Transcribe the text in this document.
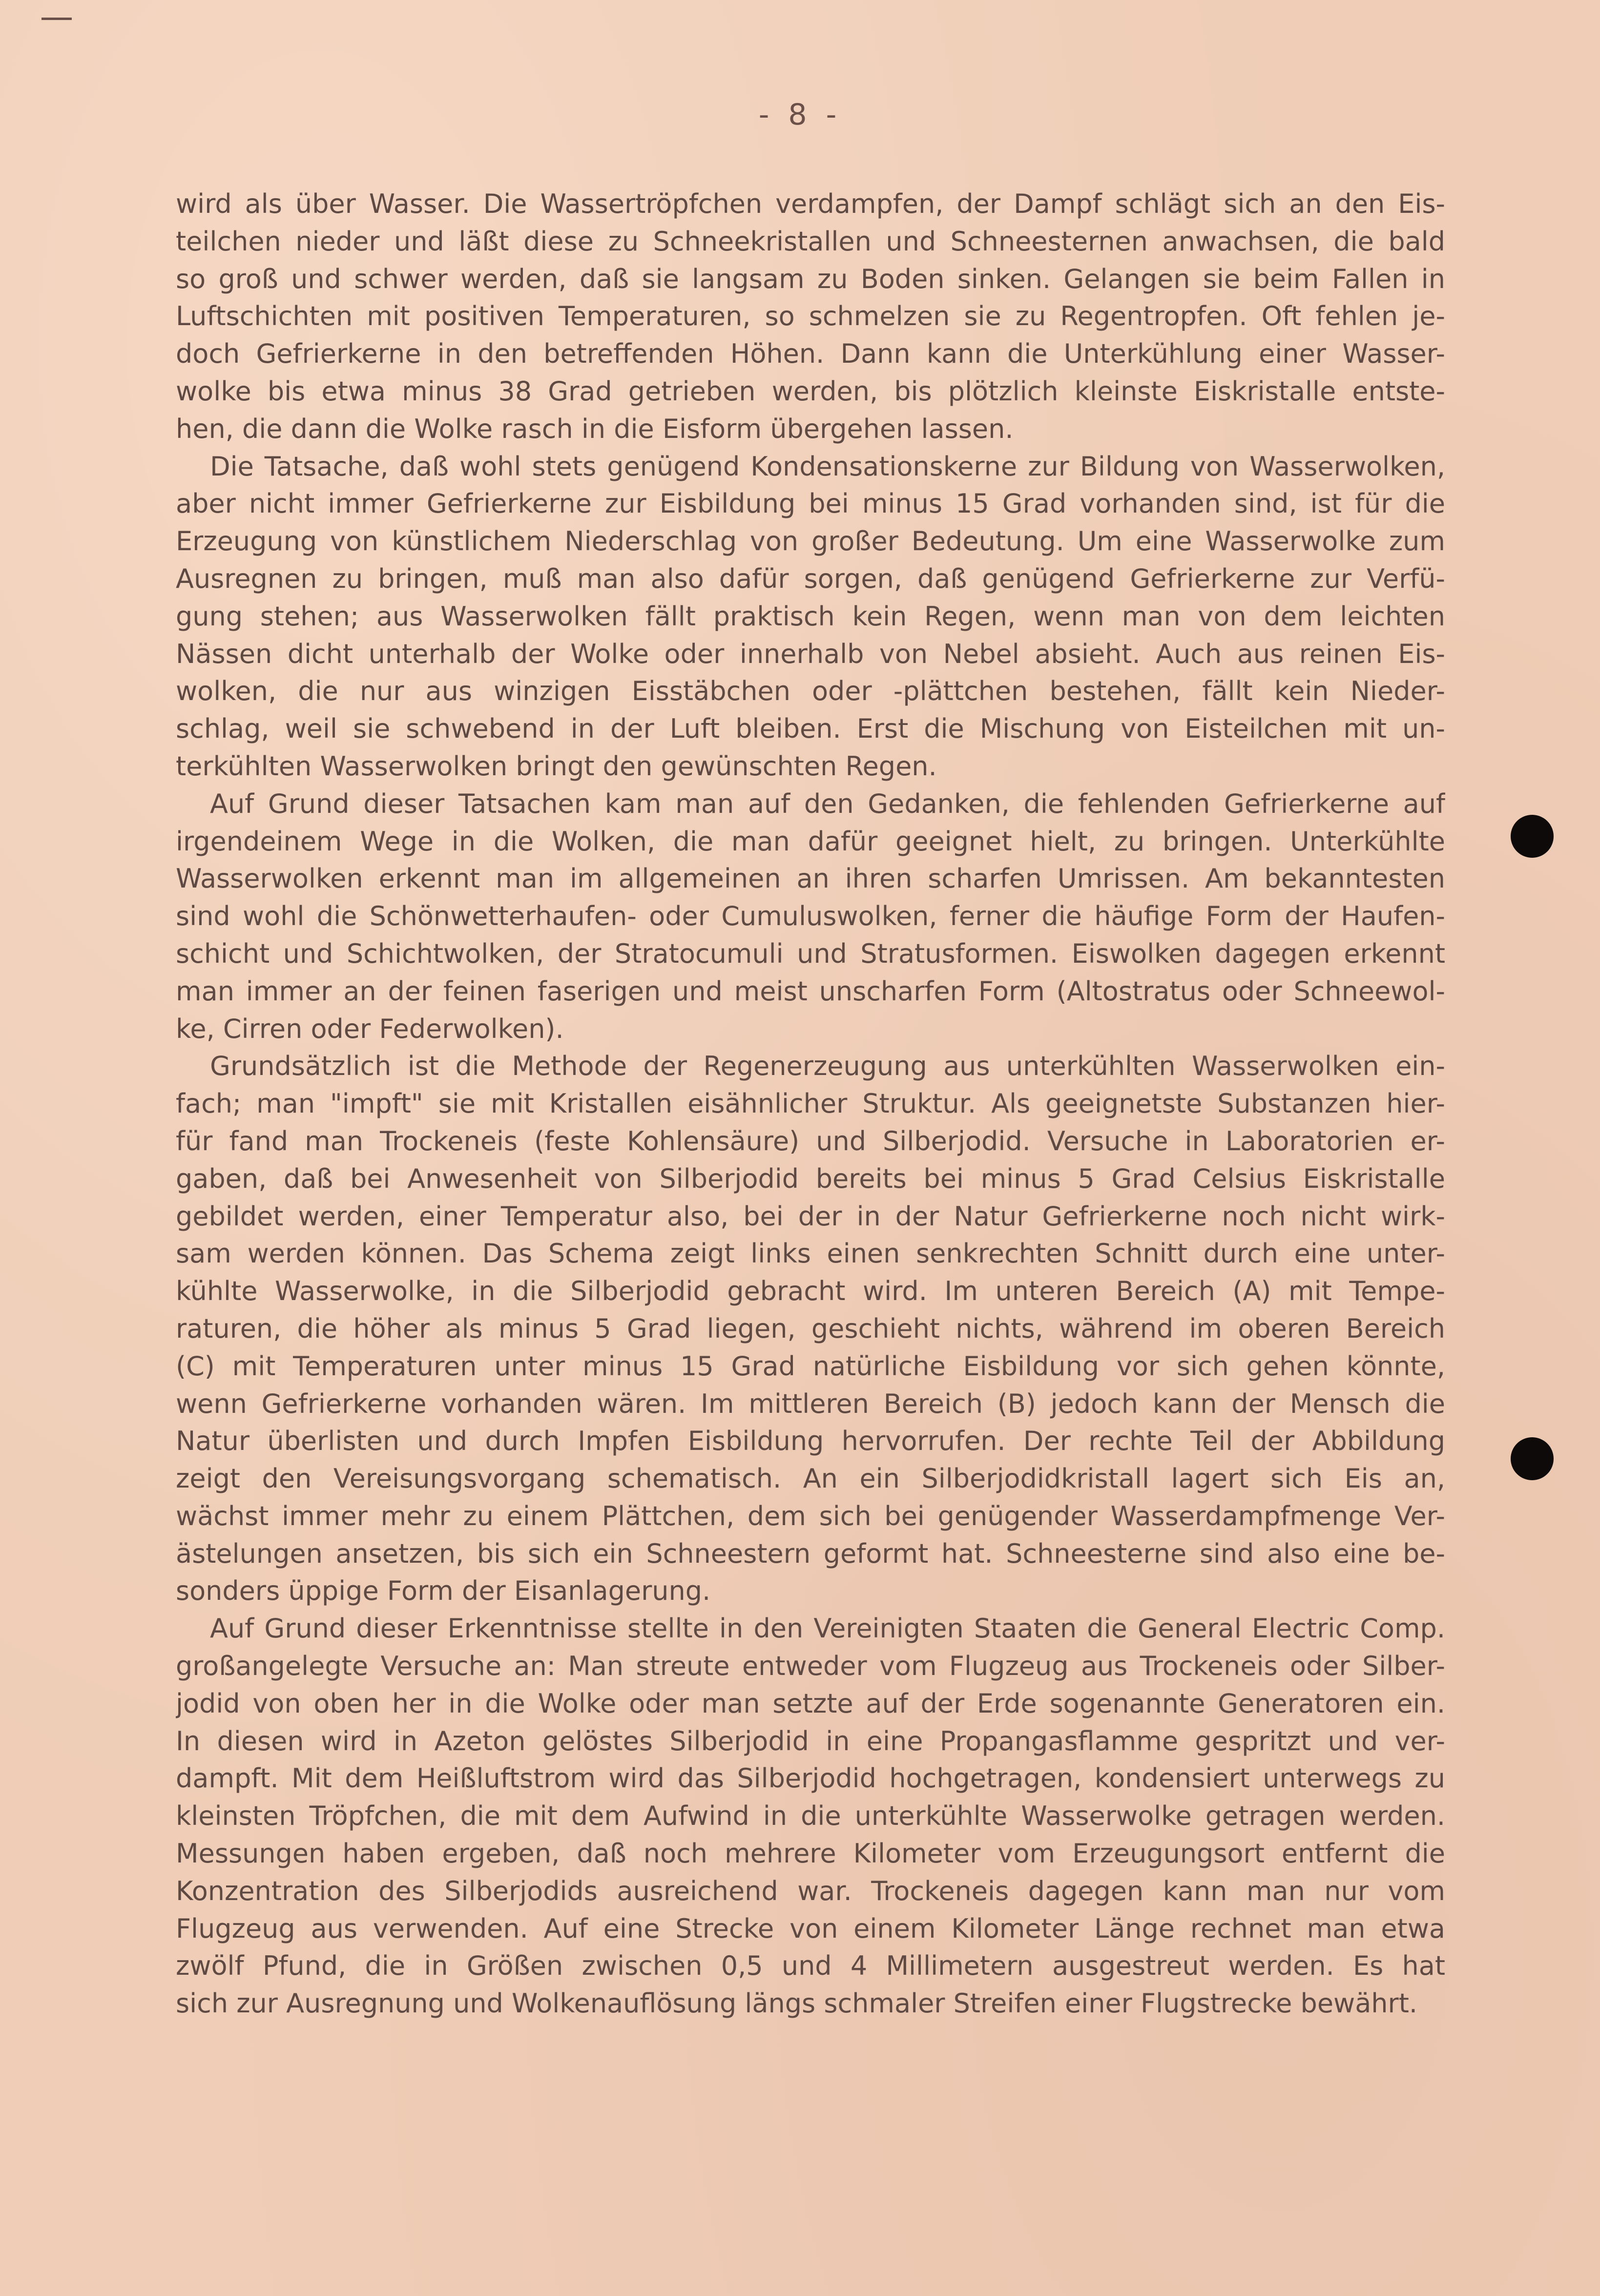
- 8 -
wird als über Wasser. Die Wassertröpfchen verdampfen, der Dampf schlägt sich an den Eis-
teilchen nieder und läßt diese zu Schneekristallen und Schneesternen anwachsen, die bald
so groß und schwer werden, daß sie langsam zu Boden sinken. Gelangen sie beim Fallen in
Luftschichten mit positiven Temperaturen, so schmelzen sie zu Regentropfen. Oft fehlen je-
doch Gefrierkerne in den betreffenden Höhen. Dann kann die Unterkühlung einer Wasser-
wolke bis etwa minus 38 Grad getrieben werden, bis plötzlich kleinste Eiskristalle entste-
hen, die dann die Wolke rasch in die Eisform übergehen lassen.
Die Tatsache, daß wohl stets genügend Kondensationskerne zur Bildung von Wasserwolken,
aber nicht immer Gefrierkerne zur Eisbildung bei minus 15 Grad vorhanden sind, ist für die
Erzeugung von künstlichem Niederschlag von großer Bedeutung. Um eine Wasserwolke zum
Ausregnen zu bringen, muß man also dafür sorgen, daß genügend Gefrierkerne zur Verfü-
gung stehen; aus Wasserwolken fällt praktisch kein Regen, wenn man von dem leichten
Nässen dicht unterhalb der Wolke oder innerhalb von Nebel absieht. Auch aus reinen Eis-
wolken, die nur aus winzigen Eisstäbchen oder -plättchen bestehen, fällt kein Nieder-
schlag, weil sie schwebend in der Luft bleiben. Erst die Mischung von Eisteilchen mit un-
terkühlten Wasserwolken bringt den gewünschten Regen.
Auf Grund dieser Tatsachen kam man auf den Gedanken, die fehlenden Gefrierkerne auf
irgendeinem Wege in die Wolken, die man dafür geeignet hielt, zu bringen. Unterkühlte
Wasserwolken erkennt man im allgemeinen an ihren scharfen Umrissen. Am bekanntesten
sind wohl die Schönwetterhaufen- oder Cumuluswolken, ferner die häufige Form der Haufen-
schicht und Schichtwolken, der Stratocumuli und Stratusformen. Eiswolken dagegen erkennt
man immer an der feinen faserigen und meist unscharfen Form (Altostratus oder Schneewol-
ke, Cirren oder Federwolken).
Grundsätzlich ist die Methode der Regenerzeugung aus unterkühlten Wasserwolken ein-
fach; man "impft" sie mit Kristallen eisähnlicher Struktur. Als geeignetste Substanzen hier-
für fand man Trockeneis (feste Kohlensäure) und Silberjodid. Versuche in Laboratorien er-
gaben, daß bei Anwesenheit von Silberjodid bereits bei minus 5 Grad Celsius Eiskristalle
gebildet werden, einer Temperatur also, bei der in der Natur Gefrierkerne noch nicht wirk-
sam werden können. Das Schema zeigt links einen senkrechten Schnitt durch eine unter-
kühlte Wasserwolke, in die Silberjodid gebracht wird. Im unteren Bereich (A) mit Tempe-
raturen, die höher als minus 5 Grad liegen, geschieht nichts, während im oberen Bereich
(C) mit Temperaturen unter minus 15 Grad natürliche Eisbildung vor sich gehen könnte,
wenn Gefrierkerne vorhanden wären. Im mittleren Bereich (B) jedoch kann der Mensch die
Natur überlisten und durch Impfen Eisbildung hervorrufen. Der rechte Teil der Abbildung
zeigt den Vereisungsvorgang schematisch. An ein Silberjodidkristall lagert sich Eis an,
wächst immer mehr zu einem Plättchen, dem sich bei genügender Wasserdampfmenge Ver-
ästelungen ansetzen, bis sich ein Schneestern geformt hat. Schneesterne sind also eine be-
sonders üppige Form der Eisanlagerung.
Auf Grund dieser Erkenntnisse stellte in den Vereinigten Staaten die General Electric Comp.
großangelegte Versuche an: Man streute entweder vom Flugzeug aus Trockeneis oder Silber-
jodid von oben her in die Wolke oder man setzte auf der Erde sogenannte Generatoren ein.
In diesen wird in Azeton gelöstes Silberjodid in eine Propangasflamme gespritzt und ver-
dampft. Mit dem Heißluftstrom wird das Silberjodid hochgetragen, kondensiert unterwegs zu
kleinsten Tröpfchen, die mit dem Aufwind in die unterkühlte Wasserwolke getragen werden.
Messungen haben ergeben, daß noch mehrere Kilometer vom Erzeugungsort entfernt die
Konzentration des Silberjodids ausreichend war. Trockeneis dagegen kann man nur vom
Flugzeug aus verwenden. Auf eine Strecke von einem Kilometer Länge rechnet man etwa
zwölf Pfund, die in Größen zwischen 0,5 und 4 Millimetern ausgestreut werden. Es hat
sich zur Ausregnung und Wolkenauflösung längs schmaler Streifen einer Flugstrecke bewährt.
